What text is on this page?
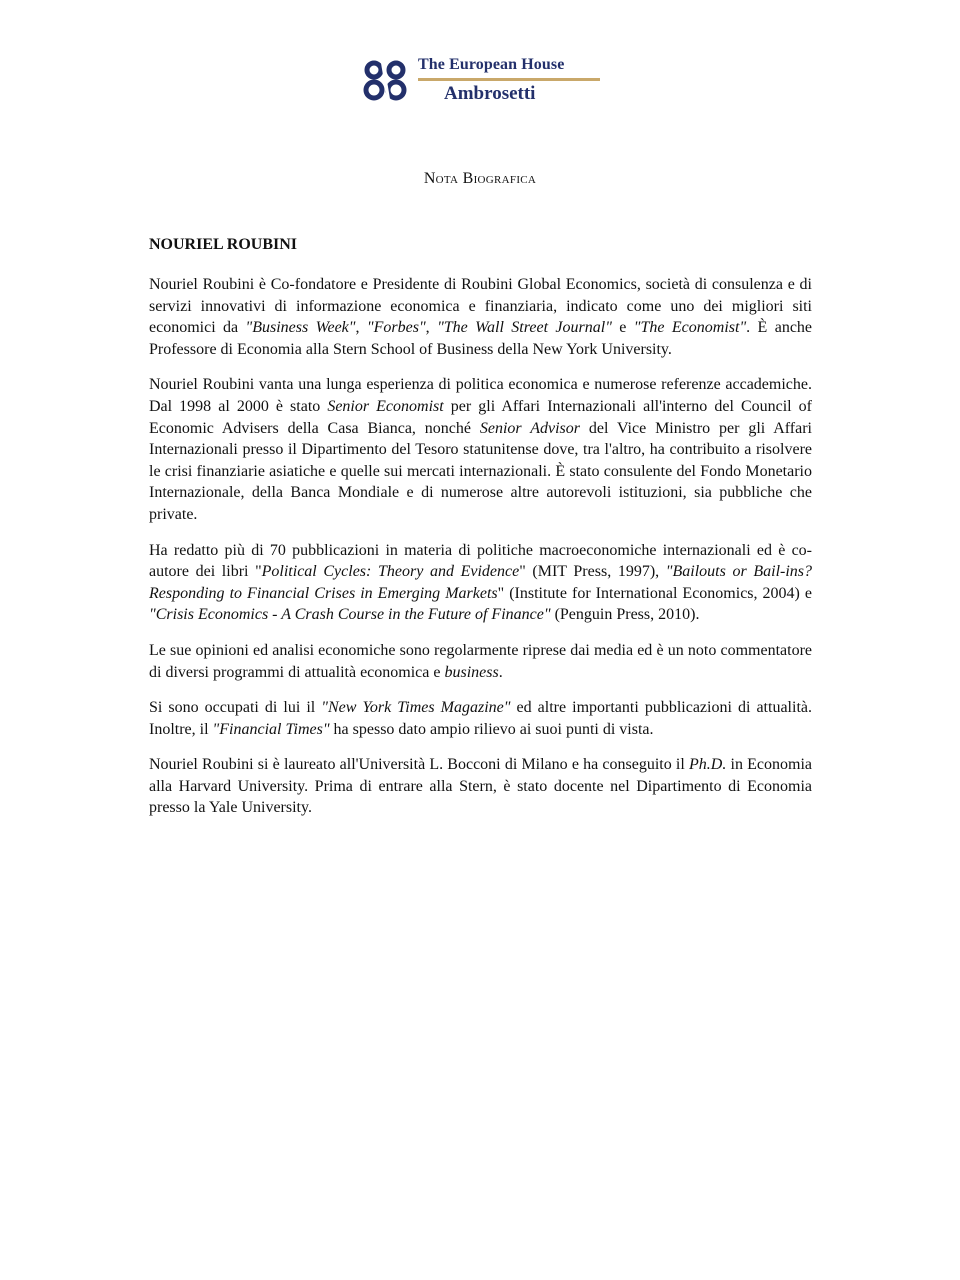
The European House
Ambrosetti
Nota Biografica
NOURIEL ROUBINI

Nouriel Roubini è Co-fondatore e Presidente di Roubini Global Economics, società di consulenza e di servizi innovativi di informazione economica e finanziaria, indicato come uno dei migliori siti economici da "Business Week", "Forbes", "The Wall Street Journal" e "The Economist". È anche Professore di Economia alla Stern School of Business della New York University.

Nouriel Roubini vanta una lunga esperienza di politica economica e numerose referenze accademiche. Dal 1998 al 2000 è stato Senior Economist per gli Affari Internazionali all'interno del Council of Economic Advisers della Casa Bianca, nonché Senior Advisor del Vice Ministro per gli Affari Internazionali presso il Dipartimento del Tesoro statunitense dove, tra l'altro, ha contribuito a risolvere le crisi finanziarie asiatiche e quelle sui mercati internazionali. È stato consulente del Fondo Monetario Internazionale, della Banca Mondiale e di numerose altre autorevoli istituzioni, sia pubbliche che private.

Ha redatto più di 70 pubblicazioni in materia di politiche macroeconomiche internazionali ed è co-autore dei libri "Political Cycles: Theory and Evidence" (MIT Press, 1997), "Bailouts or Bail-ins? Responding to Financial Crises in Emerging Markets" (Institute for International Economics, 2004) e "Crisis Economics - A Crash Course in the Future of Finance" (Penguin Press, 2010).

Le sue opinioni ed analisi economiche sono regolarmente riprese dai media ed è un noto commentatore di diversi programmi di attualità economica e business.

Si sono occupati di lui il "New York Times Magazine" ed altre importanti pubblicazioni di attualità. Inoltre, il "Financial Times" ha spesso dato ampio rilievo ai suoi punti di vista.

Nouriel Roubini si è laureato all'Università L. Bocconi di Milano e ha conseguito il Ph.D. in Economia alla Harvard University. Prima di entrare alla Stern, è stato docente nel Dipartimento di Economia presso la Yale University.
